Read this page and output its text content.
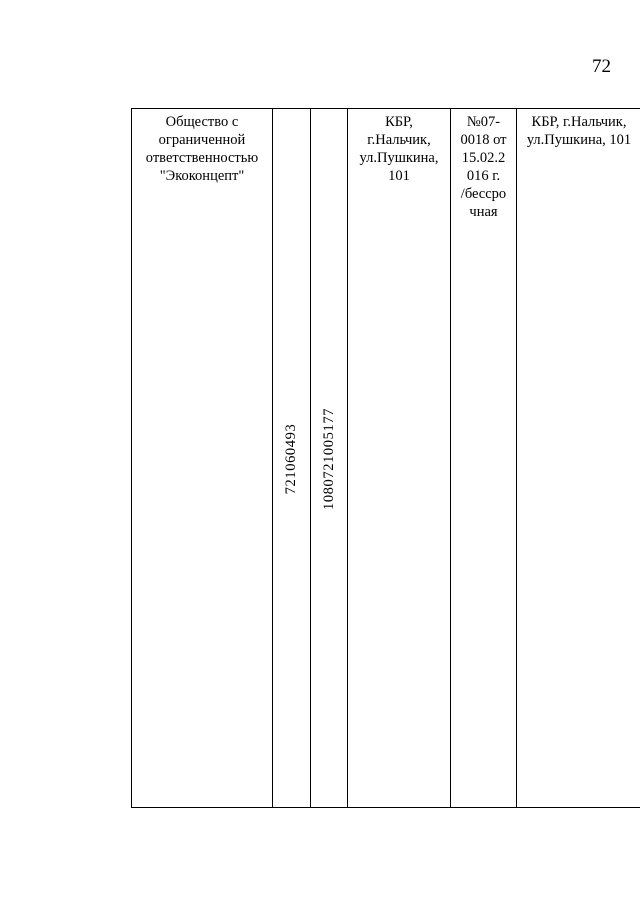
72
Общество с
ограниченной
ответственностью
"Экоконцепт"
721060493 1080721005177
КБР,
г.Нальчик,
ул.Пушкина,
101
№07-
0018 от
15.02.2
016 г.
/бессро
чная
КБР, г.Нальчик,
ул.Пушкина, 101
